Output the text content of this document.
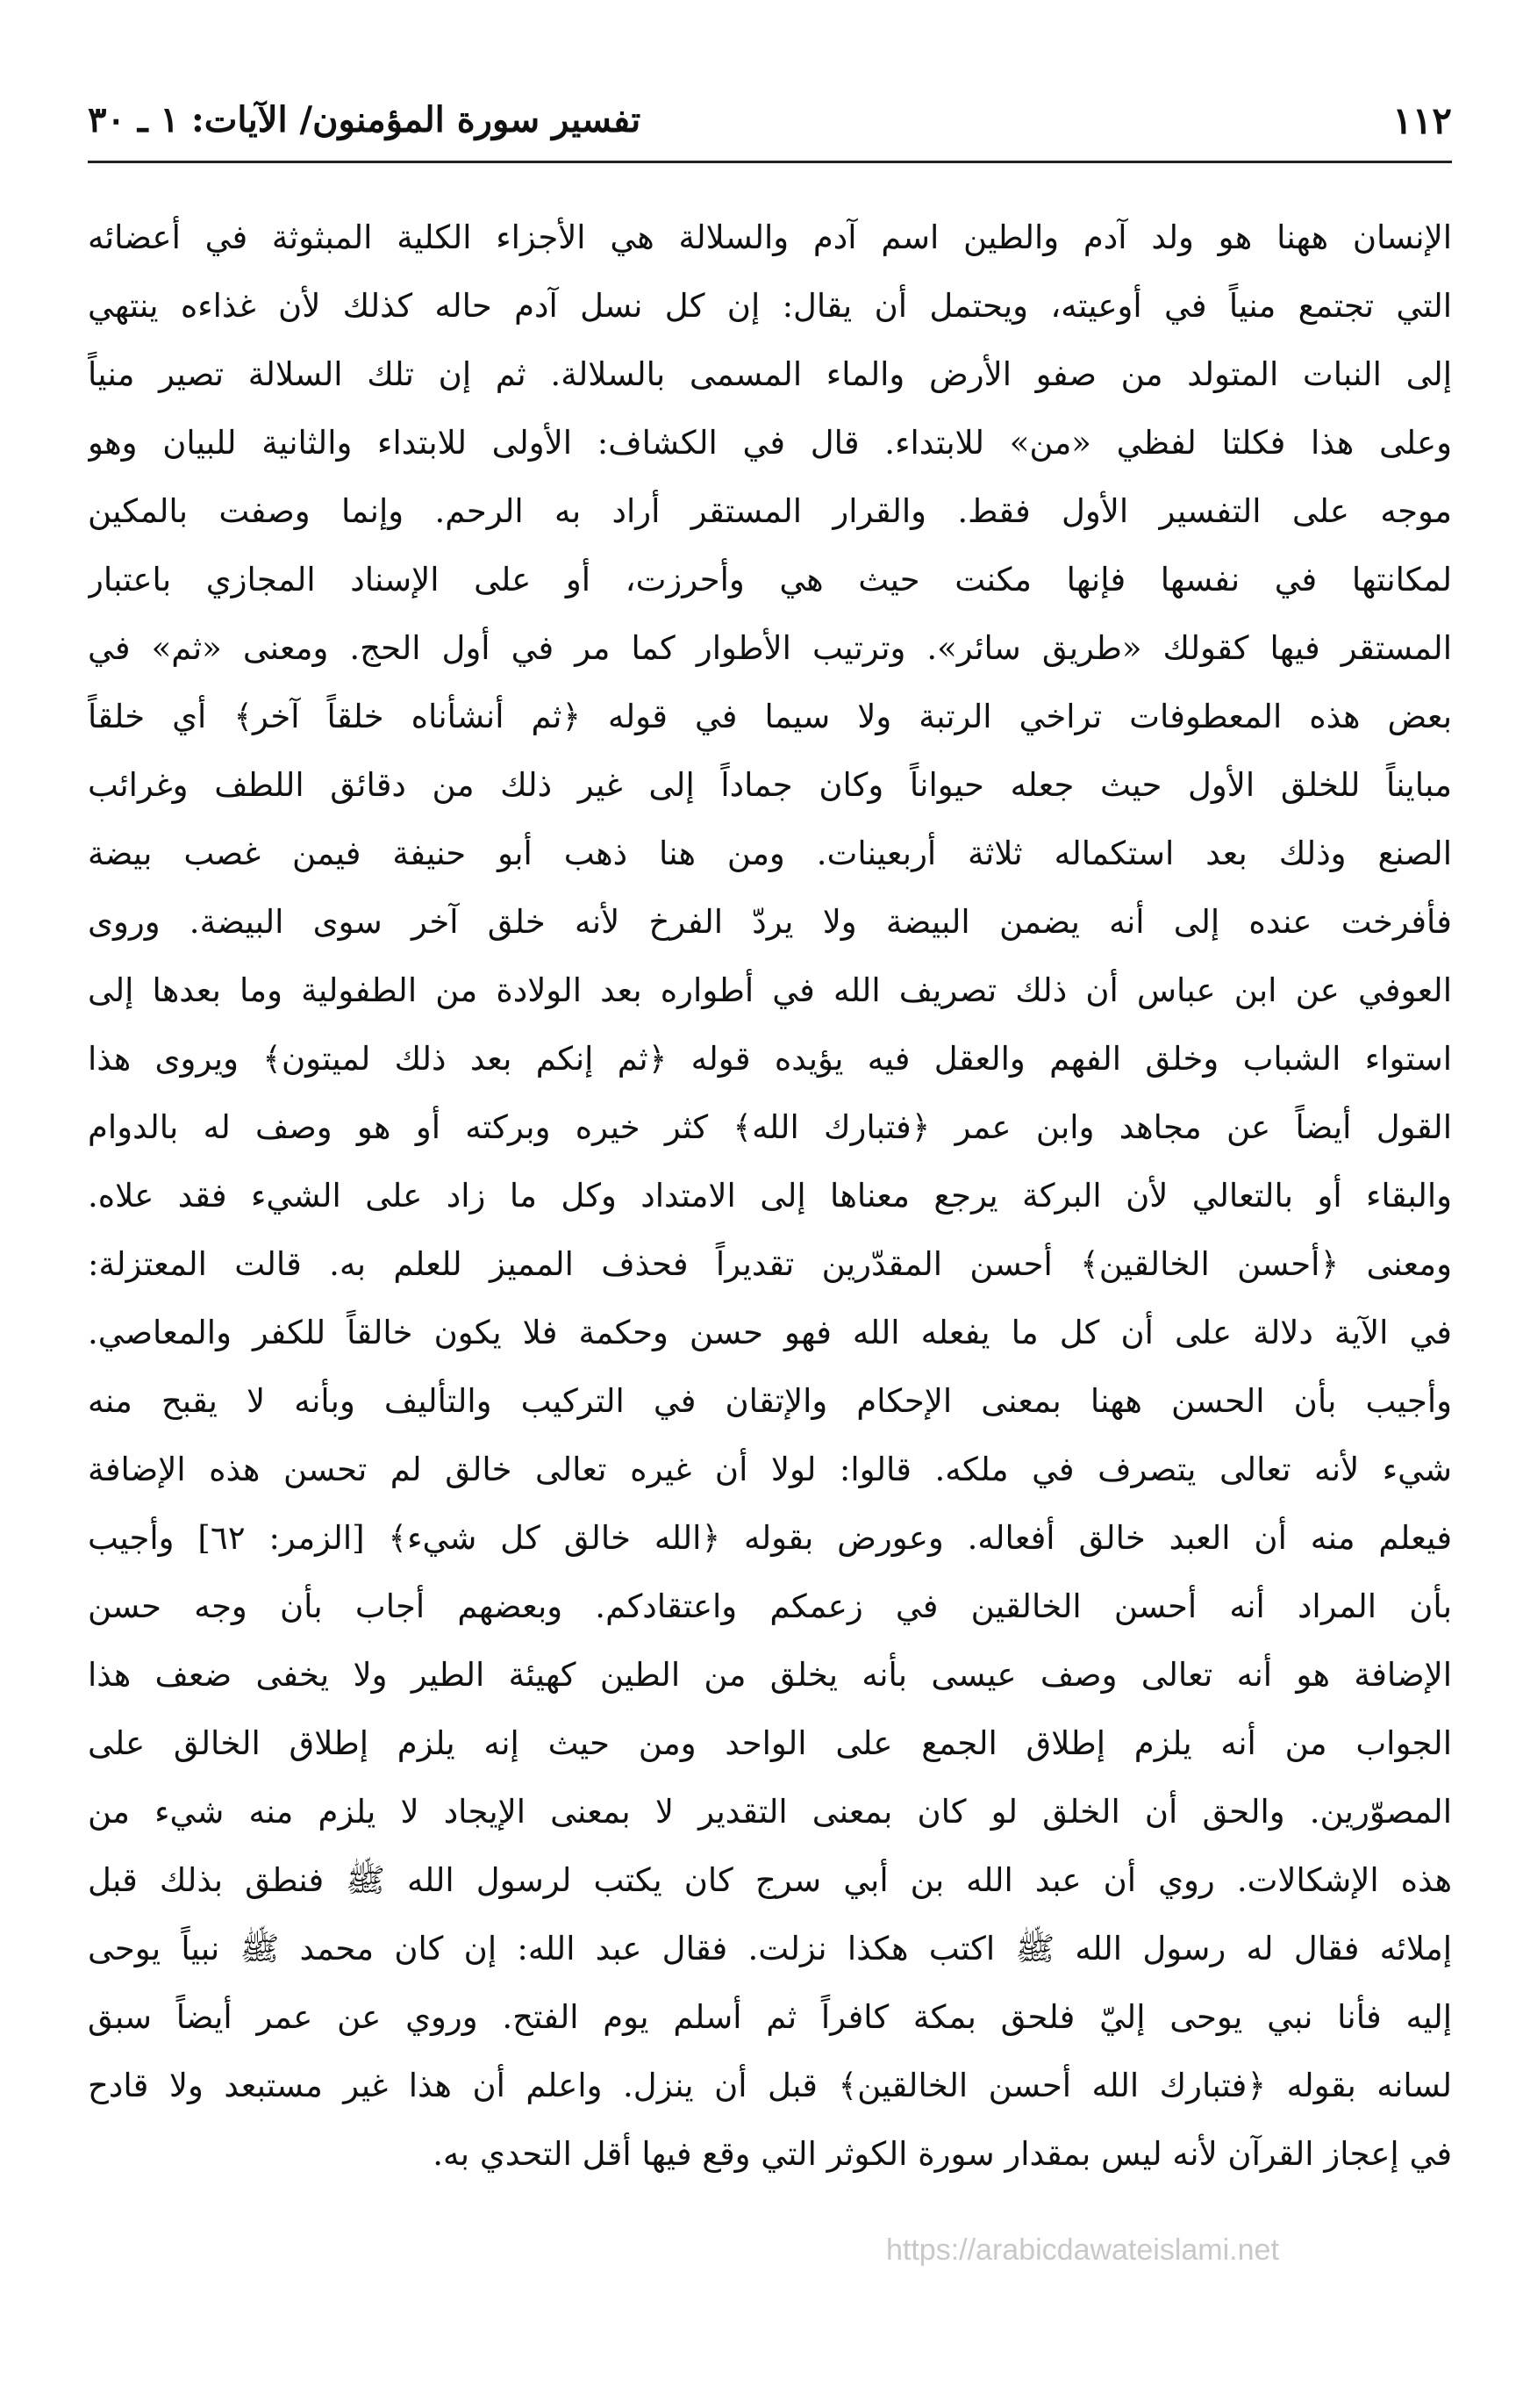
١١٢
تفسير سورة المؤمنون/ الآيات: ١ ـ ٣٠
الإنسان ههنا هو ولد آدم والطين اسم آدم والسلالة هي الأجزاء الكلية المبثوثة في أعضائه
التي تجتمع منياً في أوعيته، ويحتمل أن يقال: إن كل نسل آدم حاله كذلك لأن غذاءه ينتهي
إلى النبات المتولد من صفو الأرض والماء المسمى بالسلالة. ثم إن تلك السلالة تصير منياً
وعلى هذا فكلتا لفظي «من» للابتداء. قال في الكشاف: الأولى للابتداء والثانية للبيان وهو
موجه على التفسير الأول فقط. والقرار المستقر أراد به الرحم. وإنما وصفت بالمكين
لمكانتها في نفسها فإنها مكنت حيث هي وأحرزت، أو على الإسناد المجازي باعتبار
المستقر فيها كقولك «طريق سائر». وترتيب الأطوار كما مر في أول الحج. ومعنى «ثم» في
بعض هذه المعطوفات تراخي الرتبة ولا سيما في قوله ﴿ثم أنشأناه خلقاً آخر﴾ أي خلقاً
مبايناً للخلق الأول حيث جعله حيواناً وكان جماداً إلى غير ذلك من دقائق اللطف وغرائب
الصنع وذلك بعد استكماله ثلاثة أربعينات. ومن هنا ذهب أبو حنيفة فيمن غصب بيضة
فأفرخت عنده إلى أنه يضمن البيضة ولا يردّ الفرخ لأنه خلق آخر سوى البيضة. وروى
العوفي عن ابن عباس أن ذلك تصريف الله في أطواره بعد الولادة من الطفولية وما بعدها إلى
استواء الشباب وخلق الفهم والعقل فيه يؤيده قوله ﴿ثم إنكم بعد ذلك لميتون﴾ ويروى هذا
القول أيضاً عن مجاهد وابن عمر ﴿فتبارك الله﴾ كثر خيره وبركته أو هو وصف له بالدوام
والبقاء أو بالتعالي لأن البركة يرجع معناها إلى الامتداد وكل ما زاد على الشيء فقد علاه.
ومعنى ﴿أحسن الخالقين﴾ أحسن المقدّرين تقديراً فحذف المميز للعلم به. قالت المعتزلة:
في الآية دلالة على أن كل ما يفعله الله فهو حسن وحكمة فلا يكون خالقاً للكفر والمعاصي.
وأجيب بأن الحسن ههنا بمعنى الإحكام والإتقان في التركيب والتأليف وبأنه لا يقبح منه
شيء لأنه تعالى يتصرف في ملكه. قالوا: لولا أن غيره تعالى خالق لم تحسن هذه الإضافة
فيعلم منه أن العبد خالق أفعاله. وعورض بقوله ﴿الله خالق كل شيء﴾ [الزمر: ٦٢] وأجيب
بأن المراد أنه أحسن الخالقين في زعمكم واعتقادكم. وبعضهم أجاب بأن وجه حسن
الإضافة هو أنه تعالى وصف عيسى بأنه يخلق من الطين كهيئة الطير ولا يخفى ضعف هذا
الجواب من أنه يلزم إطلاق الجمع على الواحد ومن حيث إنه يلزم إطلاق الخالق على
المصوّرين. والحق أن الخلق لو كان بمعنى التقدير لا بمعنى الإيجاد لا يلزم منه شيء من
هذه الإشكالات. روي أن عبد الله بن أبي سرج كان يكتب لرسول الله ﷺ فنطق بذلك قبل
إملائه فقال له رسول الله ﷺ اكتب هكذا نزلت. فقال عبد الله: إن كان محمد ﷺ نبياً يوحى
إليه فأنا نبي يوحى إليّ فلحق بمكة كافراً ثم أسلم يوم الفتح. وروي عن عمر أيضاً سبق
لسانه بقوله ﴿فتبارك الله أحسن الخالقين﴾ قبل أن ينزل. واعلم أن هذا غير مستبعد ولا قادح
في إعجاز القرآن لأنه ليس بمقدار سورة الكوثر التي وقع فيها أقل التحدي به.
https://arabicdawateislami.net
